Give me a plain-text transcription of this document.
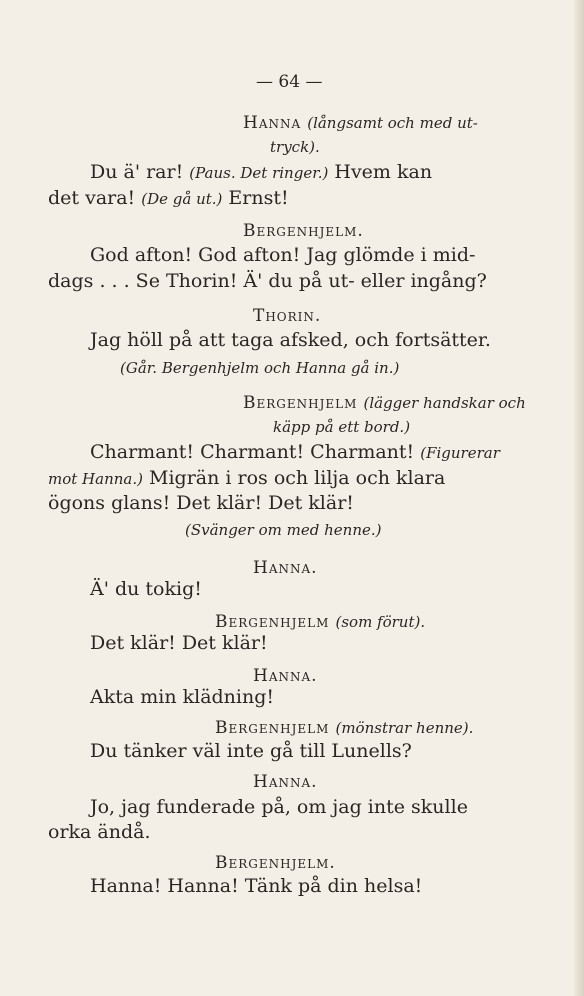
— 64 —
Hanna (långsamt och med ut-
tryck).
Du ä' rar! (Paus. Det ringer.) Hvem kan
det vara! (De gå ut.) Ernst!
Bergenhjelm.
God afton! God afton! Jag glömde i mid-
dags . . . Se Thorin! Ä' du på ut- eller ingång?
Thorin.
Jag höll på att taga afsked, och fortsätter.
(Går. Bergenhjelm och Hanna gå in.)
Bergenhjelm (lägger handskar och
käpp på ett bord.)
Charmant! Charmant! Charmant! (Figurerar
mot Hanna.) Migrän i ros och lilja och klara
ögons glans! Det klär! Det klär!
(Svänger om med henne.)
Hanna.
Ä' du tokig!
Bergenhjelm (som förut).
Det klär! Det klär!
Hanna.
Akta min klädning!
Bergenhjelm (mönstrar henne).
Du tänker väl inte gå till Lunells?
Hanna.
Jo, jag funderade på, om jag inte skulle
orka ändå.
Bergenhjelm.
Hanna! Hanna! Tänk på din helsa!
